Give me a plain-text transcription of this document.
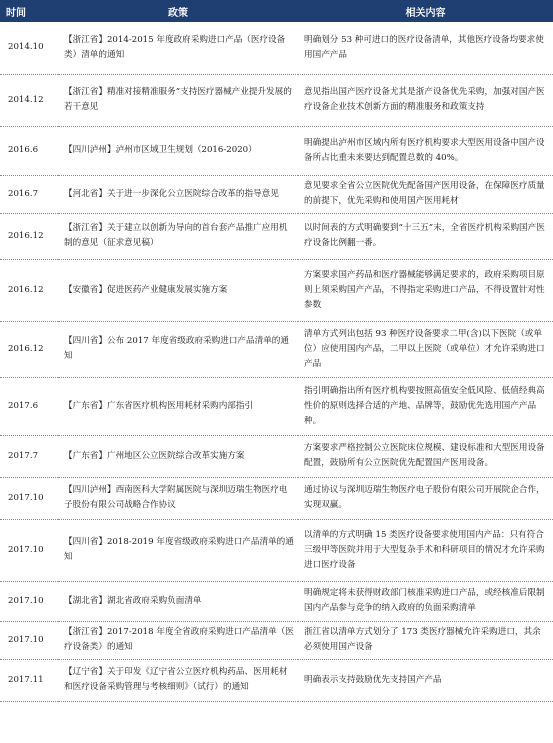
时间	政策	相关内容
2014.10	【浙江省】2014-2015 年度政府采购进口产品（医疗设备类）清单的通知	明确划分 53 种可进口的医疗设备清单，其他医疗设备均要求使用国产产品
2014.12	【浙江省】精准对接精准服务”支持医疗器械产业提升发展的若干意见	意见指出国产医疗设备尤其是浙产设备优先采购，加强对国产医疗设备企业技术创新方面的精准服务和政策支持
2016.6	【四川泸州】泸州市区域卫生规划（2016-2020）	明确提出泸州市区域内所有医疗机构要求大型医用设备中国产设备所占比重未来要达到配置总数的 40%。
2016.7	【河北省】关于进一步深化公立医院综合改革的指导意见	意见要求全省公立医院优先配备国产医用设备，在保障医疗质量的前提下，优先采购和使用国产医用耗材
2016.12	【浙江省】关于建立以创新为导向的首台套产品推广应用机制的意见（征求意见稿）	以时间表的方式明确要到“十三五”末，全省医疗机构采购国产医疗设备比例翻一番。
2016.12	【安徽省】促进医药产业健康发展实施方案	方案要求国产药品和医疗器械能够满足要求的，政府采购项目原则上须采购国产产品，不得指定采购进口产品，不得设置针对性参数
2016.12	【四川省】公布 2017 年度省级政府采购进口产品清单的通知	清单方式列出包括 93 种医疗设备要求二甲(含)以下医院（或单位）应使用国内产品，二甲以上医院（或单位）才允许采购进口产品
2017.6	【广东省】广东省医疗机构医用耗材采购内部指引	指引明确指出所有医疗机构要按照高值安全低风险、低值经典高性价的原则选择合适的产地、品牌等，鼓励优先选用国产产品种。
2017.7	【广东省】广州地区公立医院综合改革实施方案	方案要求严格控制公立医院床位规模、建设标准和大型医用设备配置，鼓励所有公立医院优先配置国产医用设备。
2017.10	【四川泸州】西南医科大学附属医院与深圳迈瑞生物医疗电子股份有限公司战略合作协议	通过协议与深圳迈瑞生物医疗电子股份有限公司开展院企合作，实现双赢。
2017.10	【四川省】2018-2019 年度省级政府采购进口产品清单的通知	以清单的方式明确 15 类医疗设备要求使用国内产品：只有符合三级甲等医院并用于大型复杂手术和科研项目的情况才允许采购进口医疗设备
2017.10	【湖北省】湖北省政府采购负面清单	明确规定将未获得财政部门核准采购进口产品，或经核准后限制国内产品参与竞争的纳入政府的负面采购清单
2017.10	【浙江省】2017-2018 年度全省政府采购进口产品清单（医疗设备类）的通知	浙江省以清单方式划分了 173 类医疗器械允许采购进口，其余必须使用国产设备
2017.11	【辽宁省】关于印发《辽宁省公立医疗机构药品、医用耗材和医疗设备采购管理与考核细则》（试行）的通知	明确表示支持鼓励优先支持国产产品
